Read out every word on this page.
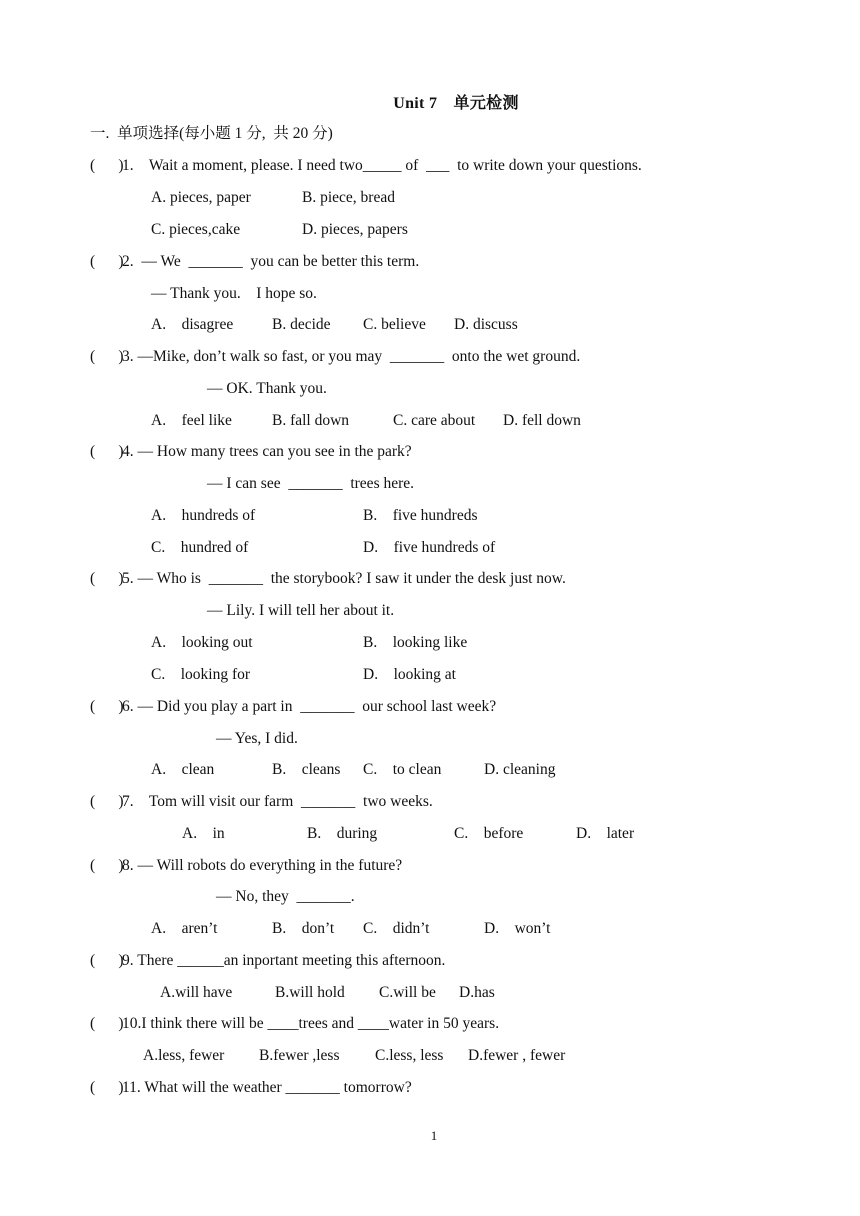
Unit 7　单元检测
一.  单项选择(每小题 1 分,  共 20 分)
(      )
1.    Wait a moment, please. I need two_____ of  ___  to write down your questions.
A. pieces, paper	B. piece, bread
C. pieces,cake	D. pieces, papers
(      )
2.  — We  _______  you can be better this term.
— Thank you.    I hope so.
A.    disagree	B. decide C. believe D. discuss
(      )
3. —Mike, don’t walk so fast, or you may  _______  onto the wet ground.
— OK. Thank you.
A.    feel like	B. fall down	C. care about D. fell down
(      )
4. — How many trees can you see in the park?
— I can see  _______  trees here.
A.    hundreds of	B.    five hundreds
C.    hundred of	D.    five hundreds of
(      )
5. — Who is  _______  the storybook? I saw it under the desk just now.
— Lily. I will tell her about it.
A.    looking out	B.    looking like
C.    looking for	D.    looking at
(      )
6. — Did you play a part in  _______  our school last week?
— Yes, I did.
A.    clean	B.    cleans C.    to clean	D. cleaning
(      )
7.    Tom will visit our farm  _______  two weeks.
A.    in	B.    during	C.    before	D.    later
(      )
8. — Will robots do everything in the future?
— No, they  _______.
A.    aren’t	B.    don’t C.    didn’t	D.    won’t
(      )
9. There ______an inportant meeting this afternoon.
A.will have	B.will hold C.will be D.has
(      )
10.I think there will be ____trees and ____water in 50 years.
A.less, fewer B.fewer ,less C.less, less D.fewer , fewer
(      )
11. What will the weather _______ tomorrow?
1
